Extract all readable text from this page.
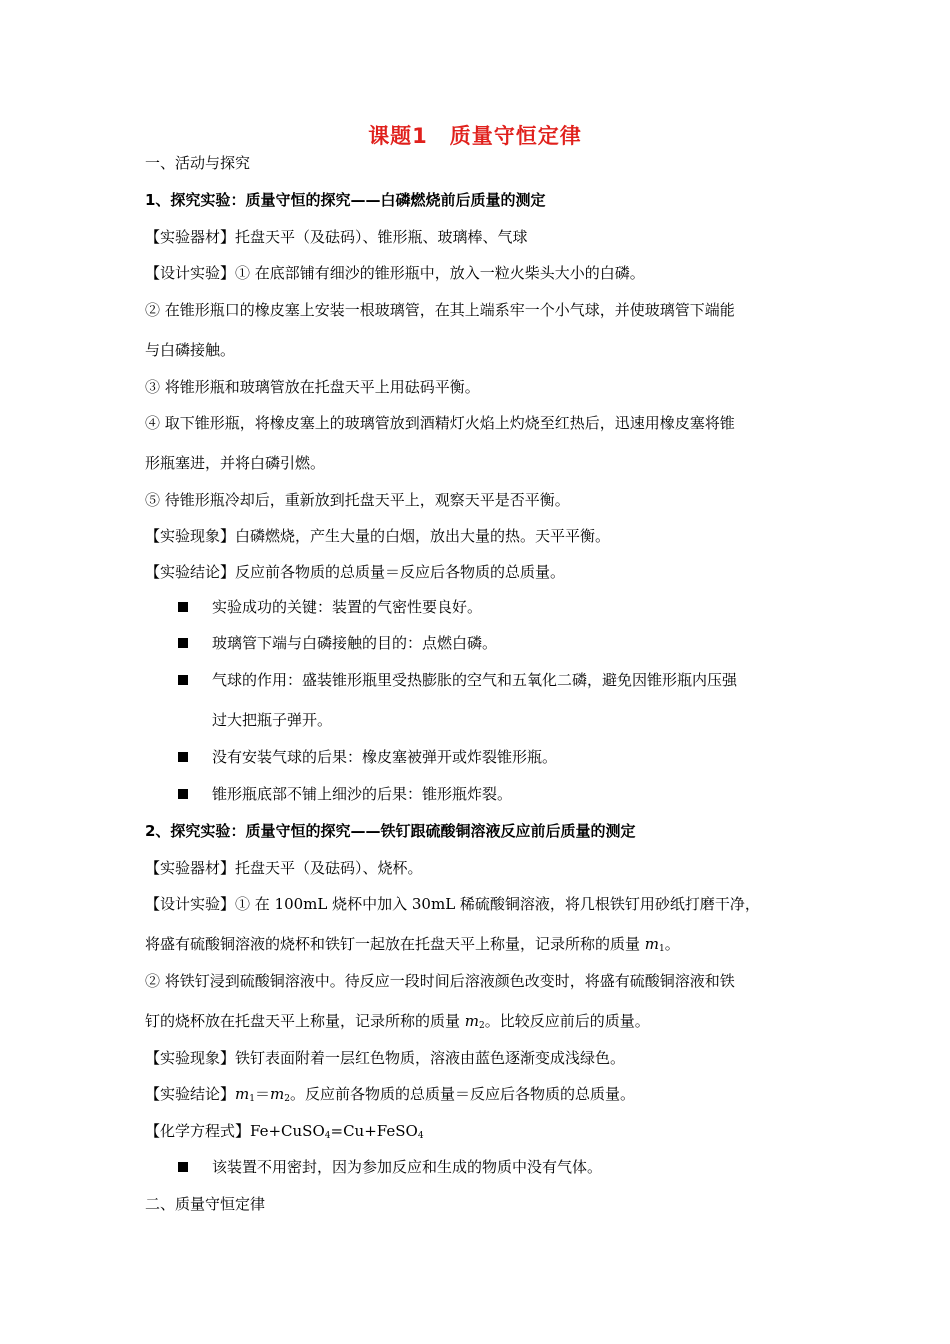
课题1　质量守恒定律
一、活动与探究
1、探究实验：质量守恒的探究——白磷燃烧前后质量的测定
【实验器材】托盘天平（及砝码）、锥形瓶、玻璃棒、气球
【设计实验】① 在底部铺有细沙的锥形瓶中，放入一粒火柴头大小的白磷。
② 在锥形瓶口的橡皮塞上安装一根玻璃管，在其上端系牢一个小气球，并使玻璃管下端能
与白磷接触。
③ 将锥形瓶和玻璃管放在托盘天平上用砝码平衡。
④ 取下锥形瓶，将橡皮塞上的玻璃管放到酒精灯火焰上灼烧至红热后，迅速用橡皮塞将锥
形瓶塞进，并将白磷引燃。
⑤ 待锥形瓶冷却后，重新放到托盘天平上，观察天平是否平衡。
【实验现象】白磷燃烧，产生大量的白烟，放出大量的热。天平平衡。
【实验结论】反应前各物质的总质量＝反应后各物质的总质量。
实验成功的关键：装置的气密性要良好。
玻璃管下端与白磷接触的目的：点燃白磷。
气球的作用：盛装锥形瓶里受热膨胀的空气和五氧化二磷，避免因锥形瓶内压强
过大把瓶子弹开。
没有安装气球的后果：橡皮塞被弹开或炸裂锥形瓶。
锥形瓶底部不铺上细沙的后果：锥形瓶炸裂。
2、探究实验：质量守恒的探究——铁钉跟硫酸铜溶液反应前后质量的测定
【实验器材】托盘天平（及砝码）、烧杯。
【设计实验】① 在 100mL 烧杯中加入 30mL 稀硫酸铜溶液，将几根铁钉用砂纸打磨干净，
将盛有硫酸铜溶液的烧杯和铁钉一起放在托盘天平上称量，记录所称的质量 $m_1$。
② 将铁钉浸到硫酸铜溶液中。待反应一段时间后溶液颜色改变时，将盛有硫酸铜溶液和铁
钉的烧杯放在托盘天平上称量，记录所称的质量 $m_2$。比较反应前后的质量。
【实验现象】铁钉表面附着一层红色物质，溶液由蓝色逐渐变成浅绿色。
【实验结论】$m_1=m_2$。反应前各物质的总质量＝反应后各物质的总质量。
【化学方程式】Fe+CuSO$_4$=Cu+FeSO$_4$
该装置不用密封，因为参加反应和生成的物质中没有气体。
二、质量守恒定律
